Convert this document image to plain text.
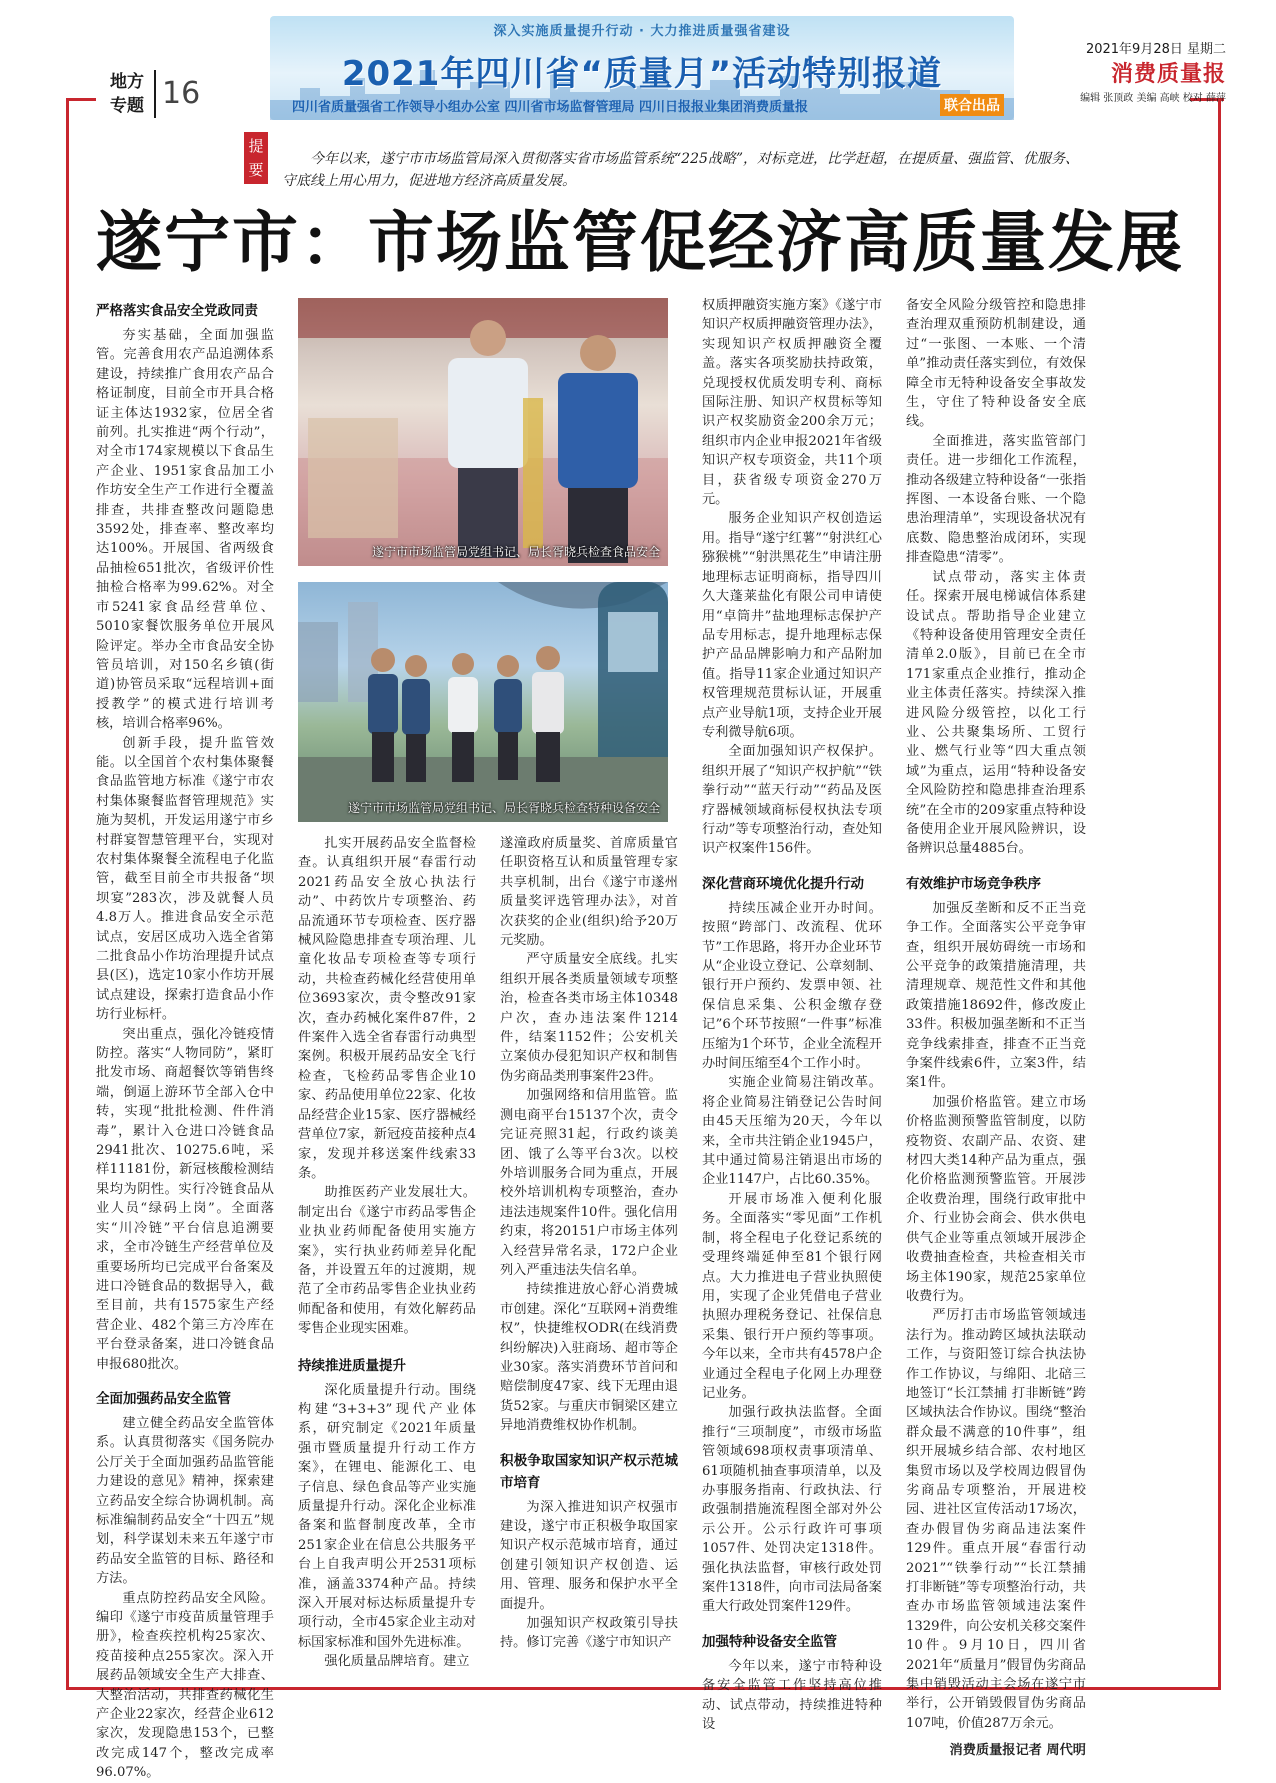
地方
专题 16
深入实施质量提升行动 · 大力推进质量强省建设
2021年四川省“质量月”活动特别报道
四川省质量强省工作领导小组办公室 四川省市场监督管理局 四川日报报业集团消费质量报	联合出品
2021年9月28日 星期二
消费质量报
编辑 张顶政 美编 高峡 校对 薛萍
提要
今年以来，遂宁市市场监管局深入贯彻落实省市场监管系统“225战略”，对标竞进，比学赶超，在提质量、强监管、优服务、守底线上用心用力，促进地方经济高质量发展。
遂宁市：市场监管促经济高质量发展
严格落实食品安全党政同责

夯实基础，全面加强监管。完善食用农产品追溯体系建设，持续推广食用农产品合格证制度，目前全市开具合格证主体达1932家，位居全省前列。扎实推进“两个行动”，对全市174家规模以下食品生产企业、1951家食品加工小作坊安全生产工作进行全覆盖排查，共排查整改问题隐患3592处，排查率、整改率均达100%。开展国、省两级食品抽检651批次，省级评价性抽检合格率为99.62%。对全市5241家食品经营单位、5010家餐饮服务单位开展风险评定。举办全市食品安全协管员培训，对150名乡镇(街道)协管员采取“远程培训+面授教学”的模式进行培训考核，培训合格率96%。

创新手段，提升监管效能。以全国首个农村集体聚餐食品监管地方标准《遂宁市农村集体聚餐监督管理规范》实施为契机，开发运用遂宁市乡村群宴智慧管理平台，实现对农村集体聚餐全流程电子化监管，截至目前全市共报备“坝坝宴”283次，涉及就餐人员4.8万人。推进食品安全示范试点，安居区成功入选全省第二批食品小作坊治理提升试点县(区)，选定10家小作坊开展试点建设，探索打造食品小作坊行业标杆。

突出重点，强化冷链疫情防控。落实“人物同防”，紧盯批发市场、商超餐饮等销售终端，倒逼上游环节全部入仓中转，实现“批批检测、件件消毒”，累计入仓进口冷链食品2941批次、10275.6吨，采样11181份，新冠核酸检测结果均为阴性。实行冷链食品从业人员“绿码上岗”。全面落实“川冷链”平台信息追溯要求，全市冷链生产经营单位及重要场所均已完成平台备案及进口冷链食品的数据导入，截至目前，共有1575家生产经营企业、482个第三方冷库在平台登录备案，进口冷链食品申报680批次。

全面加强药品安全监管

建立健全药品安全监管体系。认真贯彻落实《国务院办公厅关于全面加强药品监管能力建设的意见》精神，探索建立药品安全综合协调机制。高标准编制药品安全“十四五”规划，科学谋划未来五年遂宁市药品安全监管的目标、路径和方法。

重点防控药品安全风险。编印《遂宁市疫苗质量管理手册》，检查疾控机构25家次、疫苗接种点255家次。深入开展药品领域安全生产大排查、大整治活动，共排查药械化生产企业22家次，经营企业612家次，发现隐患153个，已整改完成147个，整改完成率96.07%。

遂宁市市场监管局党组书记、局长胥晓兵检查食品安全
遂宁市市场监管局党组书记、局长胥晓兵检查特种设备安全

扎实开展药品安全监督检查。认真组织开展“春雷行动2021药品安全放心执法行动”、中药饮片专项整治、药品流通环节专项检查、医疗器械风险隐患排查专项治理、儿童化妆品专项检查等专项行动，共检查药械化经营使用单位3693家次，责令整改91家次，查办药械化案件87件，2件案件入选全省春雷行动典型案例。积极开展药品安全飞行检查，飞检药品零售企业10家、药品使用单位22家、化妆品经营企业15家、医疗器械经营单位7家，新冠疫苗接种点4家，发现并移送案件线索33条。

助推医药产业发展壮大。制定出台《遂宁市药品零售企业执业药师配备使用实施方案》，实行执业药师差异化配备，并设置五年的过渡期，规范了全市药品零售企业执业药师配备和使用，有效化解药品零售企业现实困难。

持续推进质量提升

深化质量提升行动。围绕构建“3+3+3”现代产业体系，研究制定《2021年质量强市暨质量提升行动工作方案》，在锂电、能源化工、电子信息、绿色食品等产业实施质量提升行动。深化企业标准备案和监督制度改革，全市251家企业在信息公共服务平台上自我声明公开2531项标准，涵盖3374种产品。持续深入开展对标达标质量提升专项行动，全市45家企业主动对标国家标准和国外先进标准。

强化质量品牌培育。建立

遂潼政府质量奖、首席质量官任职资格互认和质量管理专家共享机制，出台《遂宁市遂州质量奖评选管理办法》，对首次获奖的企业(组织)给予20万元奖励。

严守质量安全底线。扎实组织开展各类质量领域专项整治，检查各类市场主体10348户次，查办违法案件1214件，结案1152件；公安机关立案侦办侵犯知识产权和制售伪劣商品类刑事案件23件。

加强网络和信用监管。监测电商平台15137个次，责令完证亮照31起，行政约谈美团、饿了么等平台3次。以校外培训服务合同为重点，开展校外培训机构专项整治，查办违法违规案件10件。强化信用约束，将20151户市场主体列入经营异常名录，172户企业列入严重违法失信名单。

持续推进放心舒心消费城市创建。深化“互联网+消费维权”，快捷维权ODR(在线消费纠纷解决)入驻商场、超市等企业30家。落实消费环节首问和赔偿制度47家、线下无理由退货52家。与重庆市铜梁区建立异地消费维权协作机制。

积极争取国家知识产权示范城市培育

为深入推进知识产权强市建设，遂宁市正积极争取国家知识产权示范城市培育，通过创建引领知识产权创造、运用、管理、服务和保护水平全面提升。

加强知识产权政策引导扶持。修订完善《遂宁市知识产

权质押融资实施方案》《遂宁市知识产权质押融资管理办法》，实现知识产权质押融资全覆盖。落实各项奖励扶持政策，兑现授权优质发明专利、商标国际注册、知识产权贯标等知识产权奖励资金200余万元；组织市内企业申报2021年省级知识产权专项资金，共11个项目，获省级专项资金270万元。

服务企业知识产权创造运用。指导“遂宁红薯”“射洪红心猕猴桃”“射洪黑花生”申请注册地理标志证明商标，指导四川久大蓬莱盐化有限公司申请使用“卓筒井”盐地理标志保护产品专用标志，提升地理标志保护产品品牌影响力和产品附加值。指导11家企业通过知识产权管理规范贯标认证，开展重点产业导航1项，支持企业开展专利微导航6项。

全面加强知识产权保护。组织开展了“知识产权护航”“铁拳行动”“蓝天行动”“药品及医疗器械领域商标侵权执法专项行动”等专项整治行动，查处知识产权案件156件。

深化营商环境优化提升行动

持续压减企业开办时间。按照“跨部门、改流程、优环节”工作思路，将开办企业环节从“企业设立登记、公章刻制、银行开户预约、发票申领、社保信息采集、公积金缴存登记”6个环节按照“一件事”标准压缩为1个环节，企业全流程开办时间压缩至4个工作小时。

实施企业简易注销改革。将企业简易注销登记公告时间由45天压缩为20天，今年以来，全市共注销企业1945户，其中通过简易注销退出市场的企业1147户，占比60.35%。

开展市场准入便利化服务。全面落实“零见面”工作机制，将全程电子化登记系统的受理终端延伸至81个银行网点。大力推进电子营业执照使用，实现了企业凭借电子营业执照办理税务登记、社保信息采集、银行开户预约等事项。今年以来，全市共有4578户企业通过全程电子化网上办理登记业务。

加强行政执法监督。全面推行“三项制度”，市级市场监管领域698项权责事项清单、61项随机抽查事项清单，以及办事服务指南、行政执法、行政强制措施流程图全部对外公示公开。公示行政许可事项1057件、处罚决定1318件。强化执法监督，审核行政处罚案件1318件，向市司法局备案重大行政处罚案件129件。

加强特种设备安全监管

今年以来，遂宁市特种设备安全监管工作坚持高位推动、试点带动，持续推进特种设

备安全风险分级管控和隐患排查治理双重预防机制建设，通过“一张图、一本账、一个清单”推动责任落实到位，有效保障全市无特种设备安全事故发生，守住了特种设备安全底线。

全面推进，落实监管部门责任。进一步细化工作流程，推动各级建立特种设备“一张指挥图、一本设备台账、一个隐患治理清单”，实现设备状况有底数、隐患整治成闭环，实现排查隐患“清零”。

试点带动，落实主体责任。探索开展电梯诚信体系建设试点。帮助指导企业建立《特种设备使用管理安全责任清单2.0版》，目前已在全市171家重点企业推行，推动企业主体责任落实。持续深入推进风险分级管控，以化工行业、公共聚集场所、工贸行业、燃气行业等“四大重点领域”为重点，运用“特种设备安全风险防控和隐患排查治理系统”在全市的209家重点特种设备使用企业开展风险辨识，设备辨识总量4885台。

有效维护市场竞争秩序

加强反垄断和反不正当竞争工作。全面落实公平竞争审查，组织开展妨碍统一市场和公平竞争的政策措施清理，共清理规章、规范性文件和其他政策措施18692件，修改废止33件。积极加强垄断和不正当竞争线索排查，排查不正当竞争案件线索6件，立案3件，结案1件。

加强价格监管。建立市场价格监测预警监管制度，以防疫物资、农副产品、农资、建材四大类14种产品为重点，强化价格监测预警监管。开展涉企收费治理，围绕行政审批中介、行业协会商会、供水供电供气企业等重点领域开展涉企收费抽查检查，共检查相关市场主体190家，规范25家单位收费行为。

严厉打击市场监管领域违法行为。推动跨区域执法联动工作，与资阳签订综合执法协作工作协议，与绵阳、北碚三地签订“长江禁捕 打非断链”跨区域执法合作协议。围绕“整治群众最不满意的10件事”，组织开展城乡结合部、农村地区集贸市场以及学校周边假冒伪劣商品专项整治，开展进校园、进社区宣传活动17场次，查办假冒伪劣商品违法案件129件。重点开展“春雷行动2021”“铁拳行动”“长江禁捕 打非断链”等专项整治行动，共查办市场监管领域违法案件1329件，向公安机关移交案件10件。9月10日，四川省2021年“质量月”假冒伪劣商品集中销毁活动主会场在遂宁市举行，公开销毁假冒伪劣商品107吨，价值287万余元。

消费质量报记者 周代明
